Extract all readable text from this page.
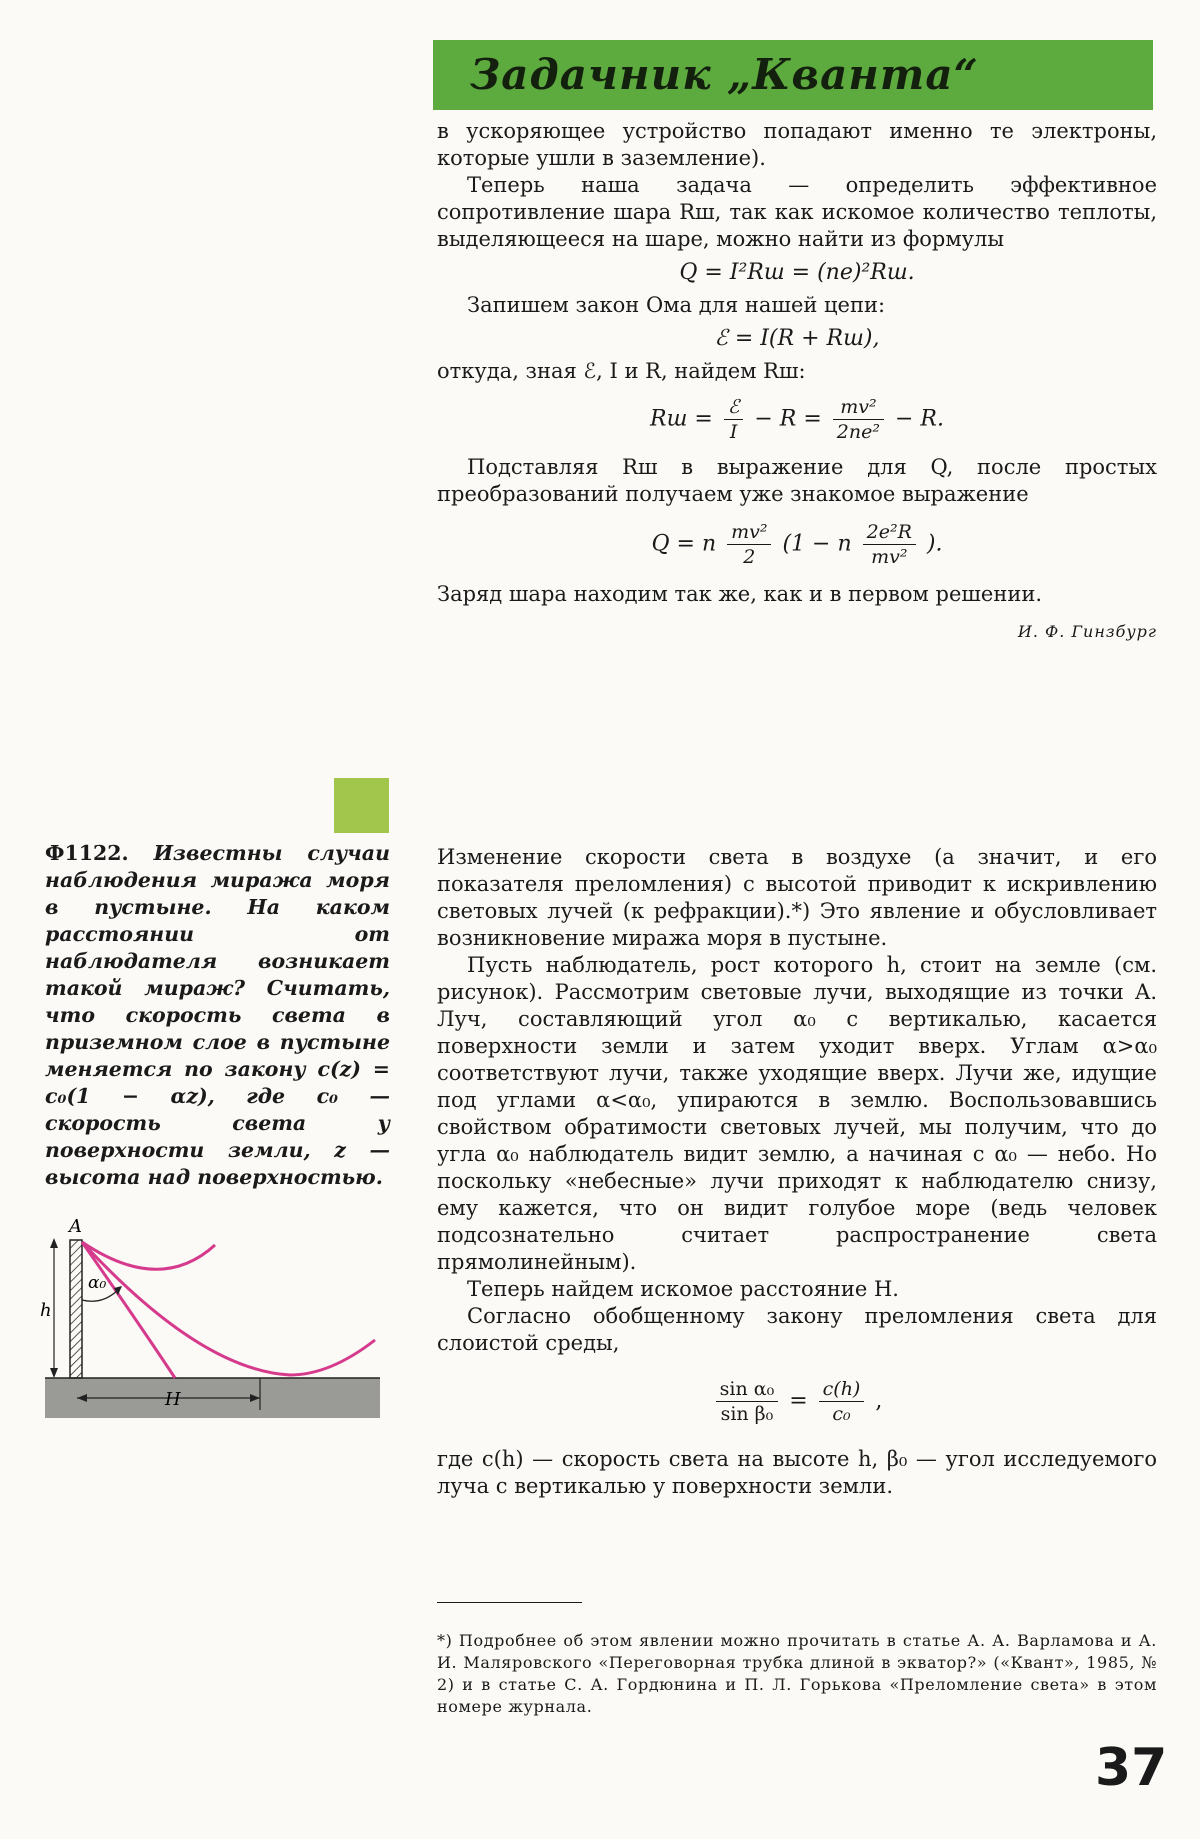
Задачник „Кванта“

в ускоряющее устройство попадают именно те электроны, которые ушли в заземление).

Теперь наша задача — определить эффективное сопротивление шара Rш, так как искомое количество теплоты, выделяющееся на шаре, можно найти из формулы

Q = I²Rш = (ne)²Rш.

Запишем закон Ома для нашей цепи:

ℰ = I(R + Rш),

откуда, зная ℰ, I и R, найдем Rш:

Rш = $\frac{\text{ℰ}}{I} - R = \frac{\text{mv²}}{\text{2ne²}} - R$.

Подставляя Rш в выражение для Q, после простых преобразований получаем уже знакомое выражение

Q = n $\frac{\text{mv²}}{2} (1 - n \frac{\text{2e²R}}{\text{mv²}}$ ).

Заряд шара находим так же, как и в первом решении.

И. Ф. Гинзбург
Ф1122. Известны случаи наблюдения миража моря в пустыне. На каком расстоянии от наблюдателя возникает такой мираж? Считать, что скорость света в приземном слое в пустыне меняется по закону c(z) = c₀(1 − αz), где c₀ — скорость света у поверхности земли, z — высота над поверхностью.
A
h
α₀
H

Изменение скорости света в воздухе (а значит, и его показателя преломления) с высотой приводит к искривлению световых лучей (к рефракции).*) Это явление и обусловливает возникновение миража моря в пустыне.

Пусть наблюдатель, рост которого h, стоит на земле (см. рисунок). Рассмотрим световые лучи, выходящие из точки A. Луч, составляющий угол α₀ с вертикалью, касается поверхности земли и затем уходит вверх. Углам α>α₀ соответствуют лучи, также уходящие вверх. Лучи же, идущие под углами α<α₀, упираются в землю. Воспользовавшись свойством обратимости световых лучей, мы получим, что до угла α₀ наблюдатель видит землю, а начиная с α₀ — небо. Но поскольку «небесные» лучи приходят к наблюдателю снизу, ему кажется, что он видит голубое море (ведь человек подсознательно считает распространение света прямолинейным).

Теперь найдем искомое расстояние H.

Согласно обобщенному закону преломления света для слоистой среды,

$\frac{\text{sin α₀}}{\text{sin β₀}} = \frac{c(h)}{\text{c₀}}$ ,

где c(h) — скорость света на высоте h, β₀ — угол исследуемого луча с вертикалью у поверхности земли.

*) Подробнее об этом явлении можно прочитать в статье А. А. Варламова и А. И. Маляровского «Переговорная трубка длиной в экватор?» («Квант», 1985, № 2) и в статье С. А. Гордюнина и П. Л. Горькова «Преломление света» в этом номере журнала.
37
